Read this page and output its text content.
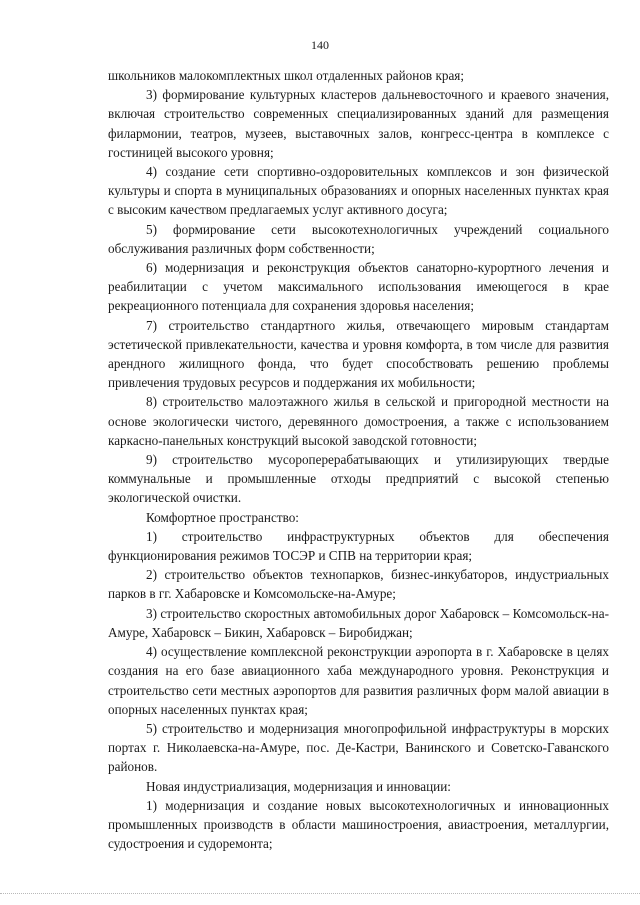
140

школьников малокомплектных школ отдаленных районов края;

3) формирование культурных кластеров дальневосточного и краевого значения, включая строительство современных специализированных зданий для размещения филармонии, театров, музеев, выставочных залов, конгресс-центра в комплексе с гостиницей высокого уровня;

4) создание сети спортивно-оздоровительных комплексов и зон физической культуры и спорта в муниципальных образованиях и опорных населенных пунктах края с высоким качеством предлагаемых услуг активного досуга;

5) формирование сети высокотехнологичных учреждений социального обслуживания различных форм собственности;

6) модернизация и реконструкция объектов санаторно-курортного лечения и реабилитации с учетом максимального использования имеющегося в крае рекреационного потенциала для сохранения здоровья населения;

7) строительство стандартного жилья, отвечающего мировым стандартам эстетической привлекательности, качества и уровня комфорта, в том числе для развития арендного жилищного фонда, что будет способствовать решению проблемы привлечения трудовых ресурсов и поддержания их мобильности;

8) строительство малоэтажного жилья в сельской и пригородной местности на основе экологически чистого, деревянного домостроения, а также с использованием каркасно-панельных конструкций высокой заводской готовности;

9) строительство мусороперерабатывающих и утилизирующих твердые коммунальные и промышленные отходы предприятий с высокой степенью экологической очистки.

Комфортное пространство:

1) строительство инфраструктурных объектов для обеспечения функционирования режимов ТОСЭР и СПВ на территории края;

2) строительство объектов технопарков, бизнес-инкубаторов, индустриальных парков в гг. Хабаровске и Комсомольске-на-Амуре;

3) строительство скоростных автомобильных дорог Хабаровск – Комсомольск-на-Амуре, Хабаровск – Бикин, Хабаровск – Биробиджан;

4) осуществление комплексной реконструкции аэропорта в г. Хабаровске в целях создания на его базе авиационного хаба международного уровня. Реконструкция и строительство сети местных аэропортов для развития различных форм малой авиации в опорных населенных пунктах края;

5) строительство и модернизация многопрофильной инфраструктуры в морских портах г. Николаевска-на-Амуре, пос. Де-Кастри, Ванинского и Советско-Гаванского районов.

Новая индустриализация, модернизация и инновации:

1) модернизация и создание новых высокотехнологичных и инновационных промышленных производств в области машиностроения, авиастроения, металлургии, судостроения и судоремонта;
